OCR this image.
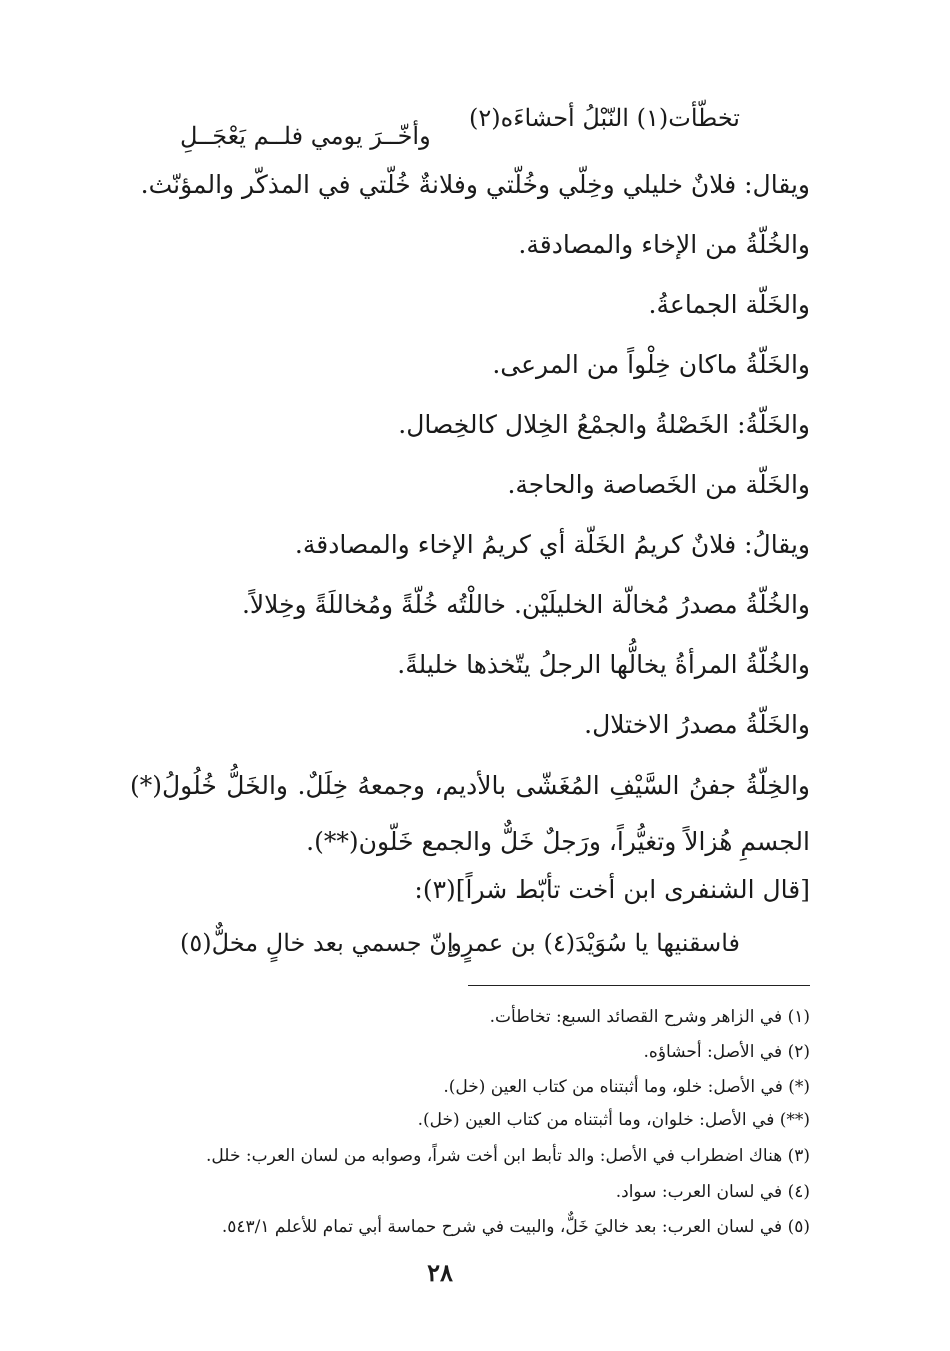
تخطّأت(١) النّبْلُ أحشاءَه(٢)
وأخّــرَ يومي فلــم يَعْجَــلِ
ويقال: فلانٌ خليلي وخِلّي وخُلّتي وفلانةٌ خُلّتي في المذكّر والمؤنّث.
والخُلّةُ من الإخاء والمصادقة.
والخَلّة الجماعةُ.
والخَلّةُ ماكان خِلْواً من المرعى.
والخَلّةُ: الخَصْلةُ والجمْعُ الخِلال كالخِصال.
والخَلّة من الخَصاصة والحاجة.
ويقالُ: فلانٌ كريمُ الخَلّة أي كريمُ الإخاء والمصادقة.
والخُلّةُ مصدرُ مُخالّة الخليلَيْن. خاللْتُه خُلّةً ومُخاللَةً وخِلالاً.
والخُلّةُ المرأةُ يخالُّها الرجلُ يتّخذها خليلةً.
والخَلّةُ مصدرُ الاختلال.
والخِلّةُ جفنُ السَّيْفِ المُغَشّى بالأديم، وجمعهُ خِلَلٌ. والخَلُّ خُلُولُ(*) الجسمِ هُزالاً وتغيُّراً، ورَجلٌ خَلٌّ والجمع خَلّون(**).
[قال الشنفرى ابن أخت تأبّط شراً](٣):
فاسقنيها يا سُوَيْدَ(٤) بن عمرٍو
إنّ جسمي بعد خالٍ مخلٌّ(٥)
(١) في الزاهر وشرح القصائد السبع: تخاطأت.
(٢) في الأصل: أحشاؤه.
(*) في الأصل: خلو، وما أثبتناه من كتاب العين (خل).
(**) في الأصل: خلوان، وما أثبتناه من كتاب العين (خل).
(٣) هناك اضطراب في الأصل: والد تأبط ابن أخت شراً، وصوابه من لسان العرب: خلل.
(٤) في لسان العرب: سواد.
(٥) في لسان العرب: بعد خاليَ خَلٌّ، والبيت في شرح حماسة أبي تمام للأعلم ٥٤٣/١.
٢٨
